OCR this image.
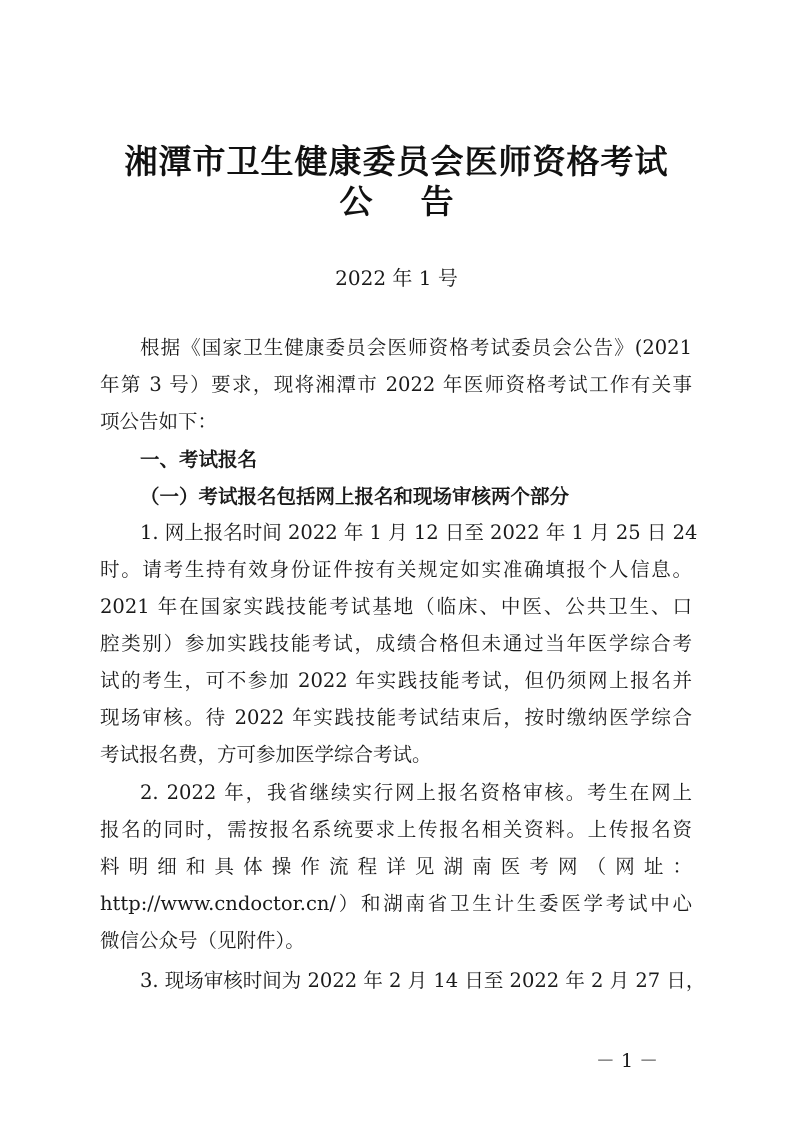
湘潭市卫生健康委员会医师资格考试
公告
2022 年 1 号
根据《国家卫生健康委员会医师资格考试委员会公告》(2021
年第 3 号）要求，现将湘潭市 2022 年医师资格考试工作有关事
项公告如下：
一、考试报名
（一）考试报名包括网上报名和现场审核两个部分
1. 网上报名时间 2022 年 1 月 12 日至 2022 年 1 月 25 日 24
时。请考生持有效身份证件按有关规定如实准确填报个人信息。
2021 年在国家实践技能考试基地（临床、中医、公共卫生、口
腔类别）参加实践技能考试，成绩合格但未通过当年医学综合考
试的考生，可不参加 2022 年实践技能考试，但仍须网上报名并
现场审核。待 2022 年实践技能考试结束后，按时缴纳医学综合
考试报名费，方可参加医学综合考试。
2. 2022 年，我省继续实行网上报名资格审核。考生在网上
报名的同时，需按报名系统要求上传报名相关资料。上传报名资
料明细和具体操作流程详见湖南医考网（网址：
http://www.cndoctor.cn/）和湖南省卫生计生委医学考试中心
微信公众号（见附件）。
3. 现场审核时间为 2022 年 2 月 14 日至 2022 年 2 月 27 日，
－ 1 －
